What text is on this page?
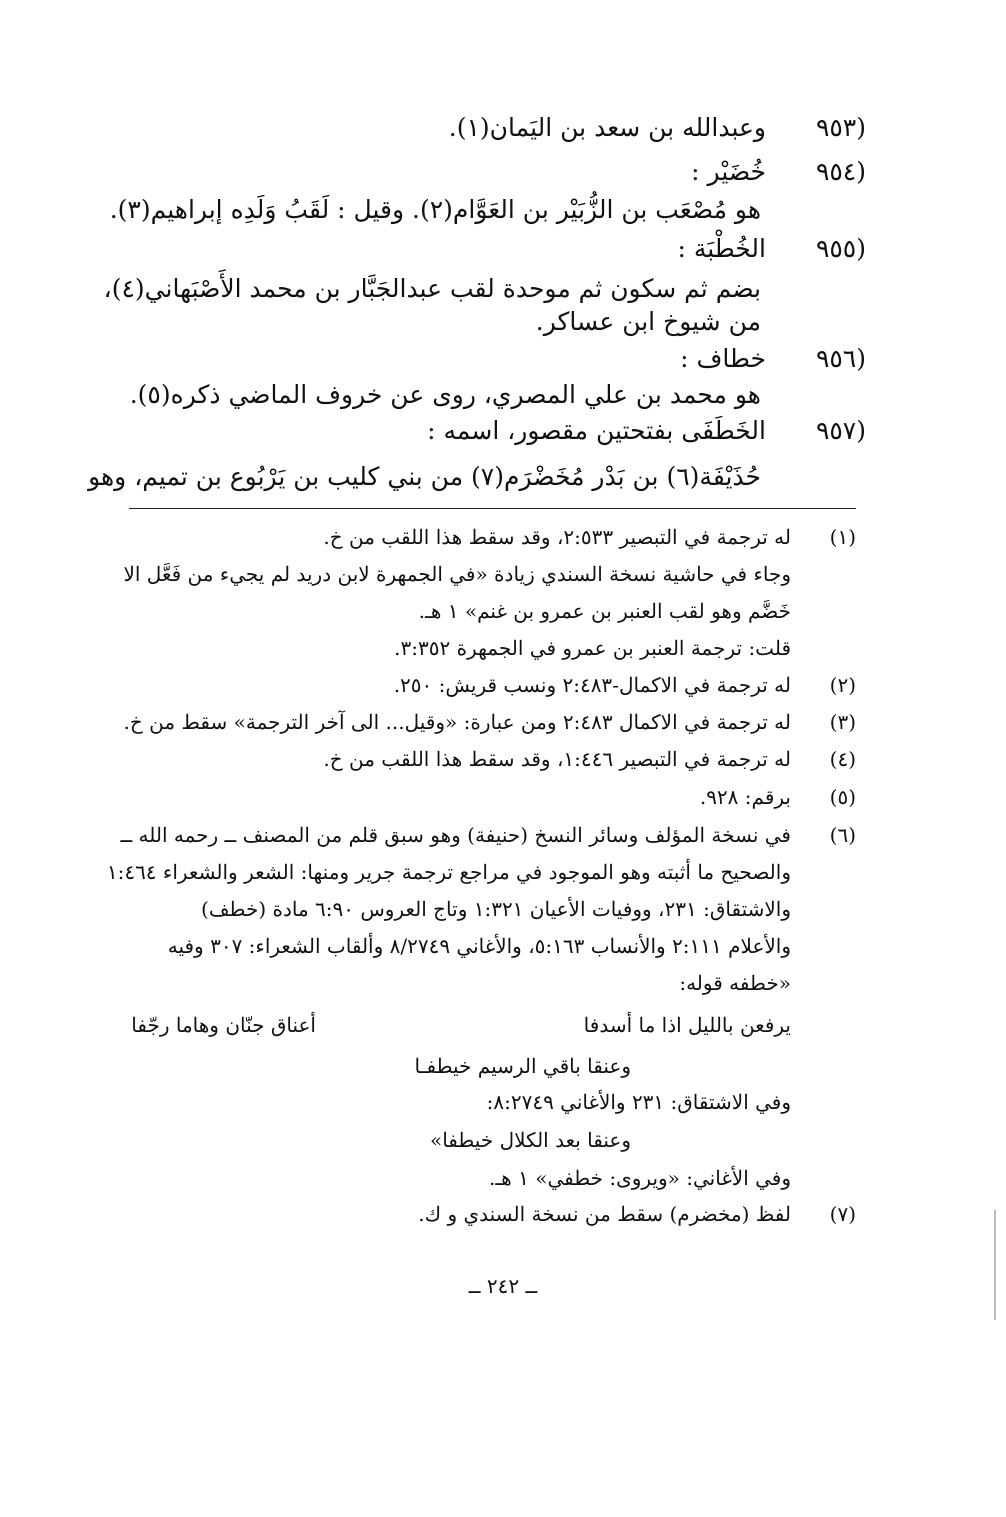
٩٥٣)
وعبدالله بن سعد بن اليَمان(١).
٩٥٤)
خُضَيْر :
هو مُصْعَب بن الزُّبَيْر بن العَوَّام(٢). وقيل : لَقَبُ وَلَدِه إبراهيم(٣).
٩٥٥)
الخُطْبَة :
بضم ثم سكون ثم موحدة لقب عبدالجَبَّار بن محمد الأَصْبَهاني(٤)،
من شيوخ ابن عساكر.
٩٥٦)
خطاف :
هو محمد بن علي المصري، روى عن خروف الماضي ذكره(٥).
٩٥٧)
الخَطَفَى بفتحتين مقصور، اسمه :
حُذَيْفَة(٦) بن بَدْر مُخَضْرَم(٧) من بني كليب بن يَرْبُوع بن تميم، وهو
(١)
له ترجمة في التبصير ٢:٥٣٣، وقد سقط هذا اللقب من خ.
وجاء في حاشية نسخة السندي زيادة «في الجمهرة لابن دريد لم يجيء من فَعَّل الا
خَضَّم وهو لقب العنبر بن عمرو بن غنم» ١ هـ.
قلت: ترجمة العنبر بن عمرو في الجمهرة ٣:٣٥٢.
(٢)
له ترجمة في الاكمال-٢:٤٨٣ ونسب قريش: ٢٥٠.
(٣)
له ترجمة في الاكمال ٢:٤٨٣ ومن عبارة: «وقيل... الى آخر الترجمة» سقط من خ.
(٤)
له ترجمة في التبصير ١:٤٤٦، وقد سقط هذا اللقب من خ.
(٥)
برقم: ٩٢٨.
(٦)
في نسخة المؤلف وسائر النسخ (حنيفة) وهو سبق قلم من المصنف ــ رحمه الله ــ
والصحيح ما أثبته وهو الموجود في مراجع ترجمة جرير ومنها: الشعر والشعراء ١:٤٦٤
والاشتقاق: ٢٣١، ووفيات الأعيان ١:٣٢١ وتاج العروس ٦:٩٠ مادة (خطف)
والأعلام ٢:١١١ والأنساب ٥:١٦٣، والأغاني ٨/٢٧٤٩ وألقاب الشعراء: ٣٠٧ وفيه
«خطفه قوله:
يرفعن بالليل اذا ما أسدفا
أعناق جنّان وهاما رجّفا
وعنقا باقي الرسيم خيطفـا
وفي الاشتقاق: ٢٣١ والأغاني ٨:٢٧٤٩:
وعنقا بعد الكلال خيطفا»
وفي الأغاني: «ويروى: خطفي» ١ هـ.
(٧)
لفظ (مخضرم) سقط من نسخة السندي و ك.
ــ ٢٤٢ ــ
